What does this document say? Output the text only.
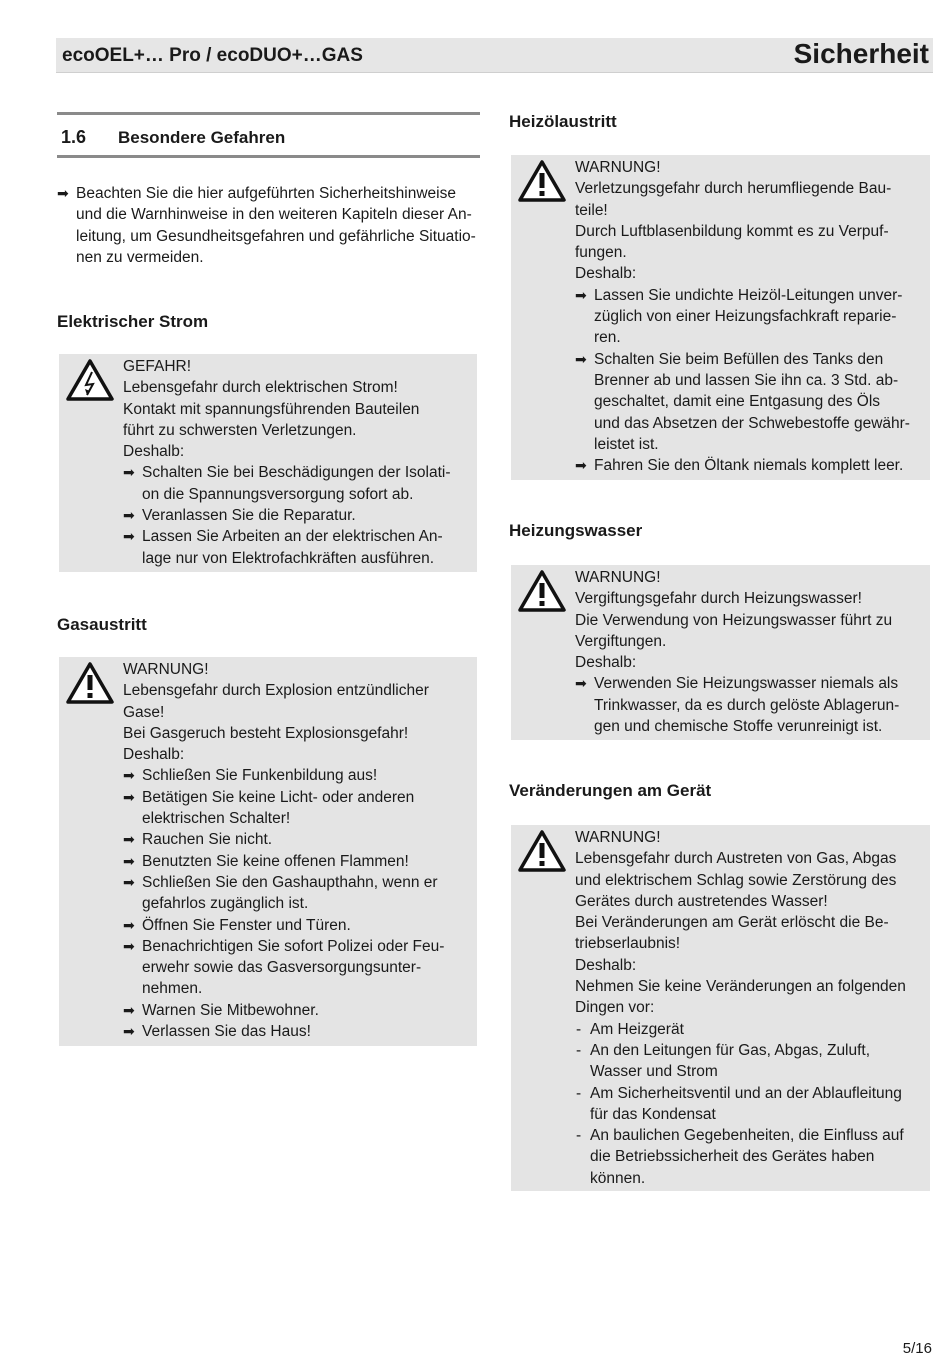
ecoOEL+… Pro / ecoDUO+…GAS	Sicherheit
1.6 Besondere Gefahren
➡ Beachten Sie die hier aufgeführten Sicherheitshinweise
und die Warnhinweise in den weiteren Kapiteln dieser An-
leitung, um Gesundheitsgefahren und gefährliche Situatio-
nen zu vermeiden.
Elektrischer Strom
GEFAHR!
Lebensgefahr durch elektrischen Strom!
Kontakt mit spannungsführenden Bauteilen
führt zu schwersten Verletzungen.
Deshalb:
➡ Schalten Sie bei Beschädigungen der Isolati-
on die Spannungsversorgung sofort ab.
➡ Veranlassen Sie die Reparatur.
➡ Lassen Sie Arbeiten an der elektrischen An-
lage nur von Elektrofachkräften ausführen.
Gasaustritt
WARNUNG!
Lebensgefahr durch Explosion entzündlicher
Gase!
Bei Gasgeruch besteht Explosionsgefahr!
Deshalb:
➡ Schließen Sie Funkenbildung aus!
➡ Betätigen Sie keine Licht- oder anderen
elektrischen Schalter!
➡ Rauchen Sie nicht.
➡ Benutzten Sie keine offenen Flammen!
➡ Schließen Sie den Gashaupthahn, wenn er
gefahrlos zugänglich ist.
➡ Öffnen Sie Fenster und Türen.
➡ Benachrichtigen Sie sofort Polizei oder Feu-
erwehr sowie das Gasversorgungsunter-
nehmen.
➡ Warnen Sie Mitbewohner.
➡ Verlassen Sie das Haus!
Heizölaustritt
WARNUNG!
Verletzungsgefahr durch herumfliegende Bau-
teile!
Durch Luftblasenbildung kommt es zu Verpuf-
fungen.
Deshalb:
➡ Lassen Sie undichte Heizöl-Leitungen unver-
züglich von einer Heizungsfachkraft reparie-
ren.
➡ Schalten Sie beim Befüllen des Tanks den
Brenner ab und lassen Sie ihn ca. 3 Std. ab-
geschaltet, damit eine Entgasung des Öls
und das Absetzen der Schwebestoffe gewähr-
leistet ist.
➡ Fahren Sie den Öltank niemals komplett leer.
Heizungswasser
WARNUNG!
Vergiftungsgefahr durch Heizungswasser!
Die Verwendung von Heizungswasser führt zu
Vergiftungen.
Deshalb:
➡ Verwenden Sie Heizungswasser niemals als
Trinkwasser, da es durch gelöste Ablagerun-
gen und chemische Stoffe verunreinigt ist.
Veränderungen am Gerät
WARNUNG!
Lebensgefahr durch Austreten von Gas, Abgas
und elektrischem Schlag sowie Zerstörung des
Gerätes durch austretendes Wasser!
Bei Veränderungen am Gerät erlöscht die Be-
triebserlaubnis!
Deshalb:
Nehmen Sie keine Veränderungen an folgenden
Dingen vor:
- Am Heizgerät
- An den Leitungen für Gas, Abgas, Zuluft,
Wasser und Strom
- Am Sicherheitsventil und an der Ablaufleitung
für das Kondensat
- An baulichen Gegebenheiten, die Einfluss auf
die Betriebssicherheit des Gerätes haben
können.
5/16
